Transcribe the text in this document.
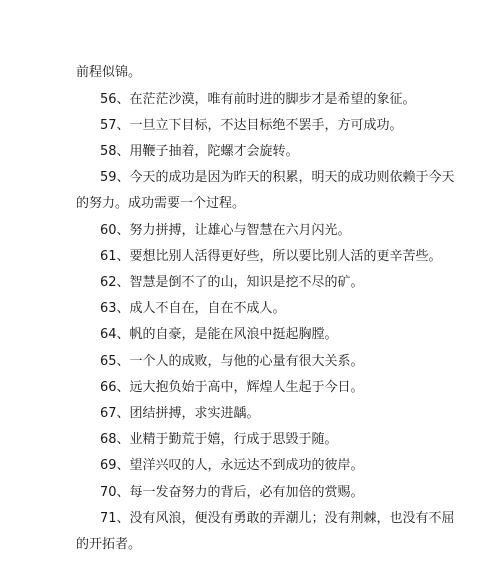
前程似锦。
56、在茫茫沙漠，唯有前时进的脚步才是希望的象征。
57、一旦立下目标，不达目标绝不罢手，方可成功。
58、用鞭子抽着，陀螺才会旋转。
59、今天的成功是因为昨天的积累，明天的成功则依赖于今天
的努力。成功需要一个过程。
60、努力拼搏，让雄心与智慧在六月闪光。
61、要想比别人活得更好些，所以要比别人活的更辛苦些。
62、智慧是倒不了的山，知识是挖不尽的矿。
63、成人不自在，自在不成人。
64、帆的自豪，是能在风浪中挺起胸膛。
65、一个人的成败，与他的心量有很大关系。
66、远大抱负始于高中，辉煌人生起于今日。
67、团结拼搏，求实进龋。
68、业精于勤荒于嬉，行成于思毁于随。
69、望洋兴叹的人，永远达不到成功的彼岸。
70、每一发奋努力的背后，必有加倍的赏赐。
71、没有风浪，便没有勇敢的弄潮儿；没有荆棘，也没有不屈
的开拓者。
